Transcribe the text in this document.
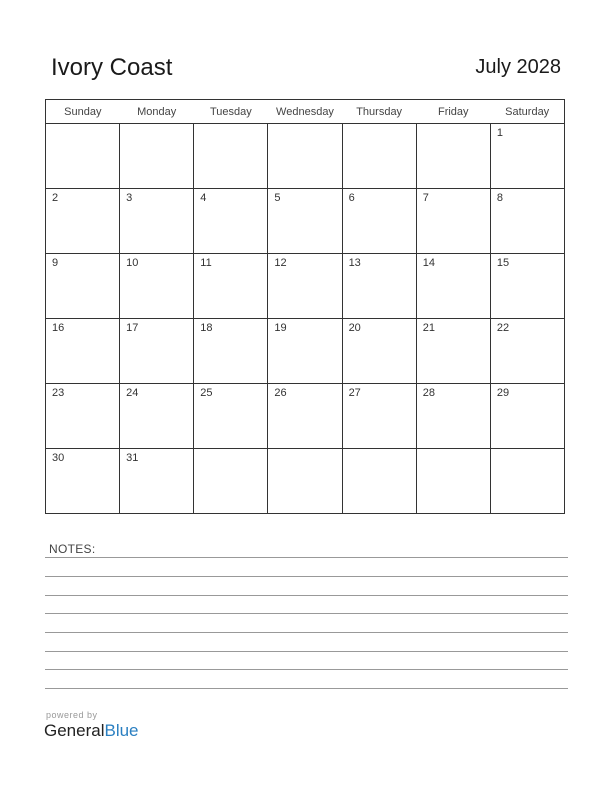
Ivory Coast	July 2028
Sunday	Monday	Tuesday	Wednesday	Thursday	Friday	Saturday

						1

2	3	4	5	6	7	8

9	10	11	12	13	14	15

16	17	18	19	20	21	22

23	24	25	26	27	28	29

30	31					

NOTES:
powered by
GeneralBlue
